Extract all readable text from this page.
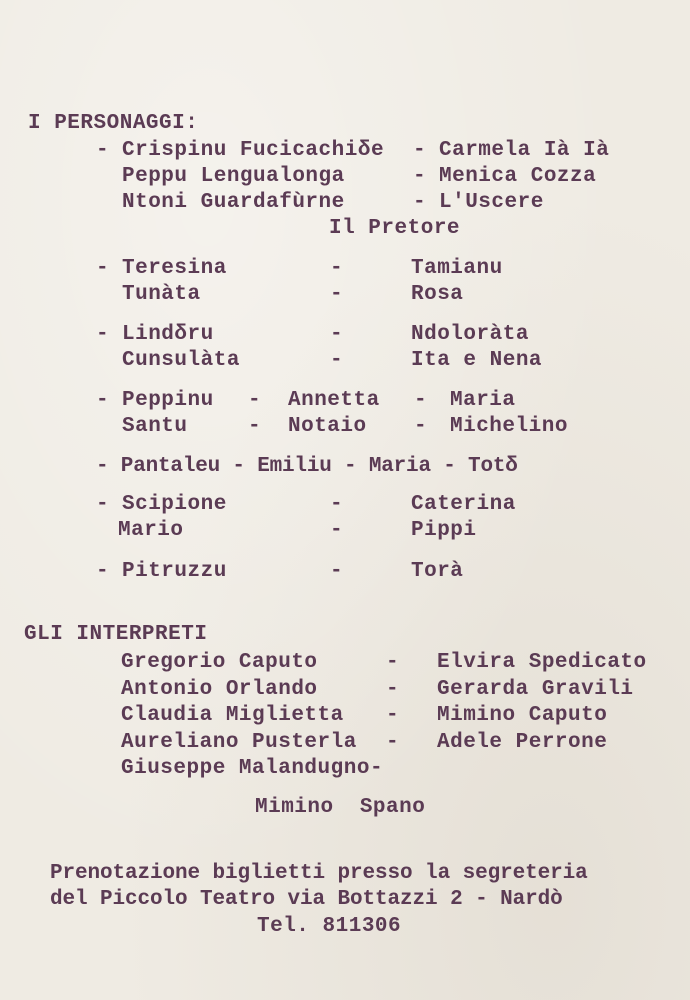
I PERSONAGGI:
- Crispinu Fucicachiδe - Carmela Ià Ià
Peppu Lengualonga	- Menica Cozza
Ntoni Guardafùrne	- L'Uscere
Il Pretore
- Teresina	-	Tamianu
Tunàta	-	Rosa
- Lindδru	-	Ndoloràta
Cunsulàta	-	Ita e Nena
- Peppinu - Annetta - Maria
Santu	- Notaio - Michelino
- Pantaleu - Emiliu - Maria - Totδ
- Scipione	-	Caterina
Mario	-	Pippi
- Pitruzzu	-	Torà
GLI INTERPRETI
Gregorio Caputo	- Elvira Spedicato
Antonio Orlando	- Gerarda Gravili
Claudia Miglietta - Mimino Caputo
Aureliano Pusterla - Adele Perrone
Giuseppe Malandugno-
Mimino  Spano
Prenotazione biglietti presso la segreteria
del Piccolo Teatro via Bottazzi 2 - Nardò
Tel. 811306
